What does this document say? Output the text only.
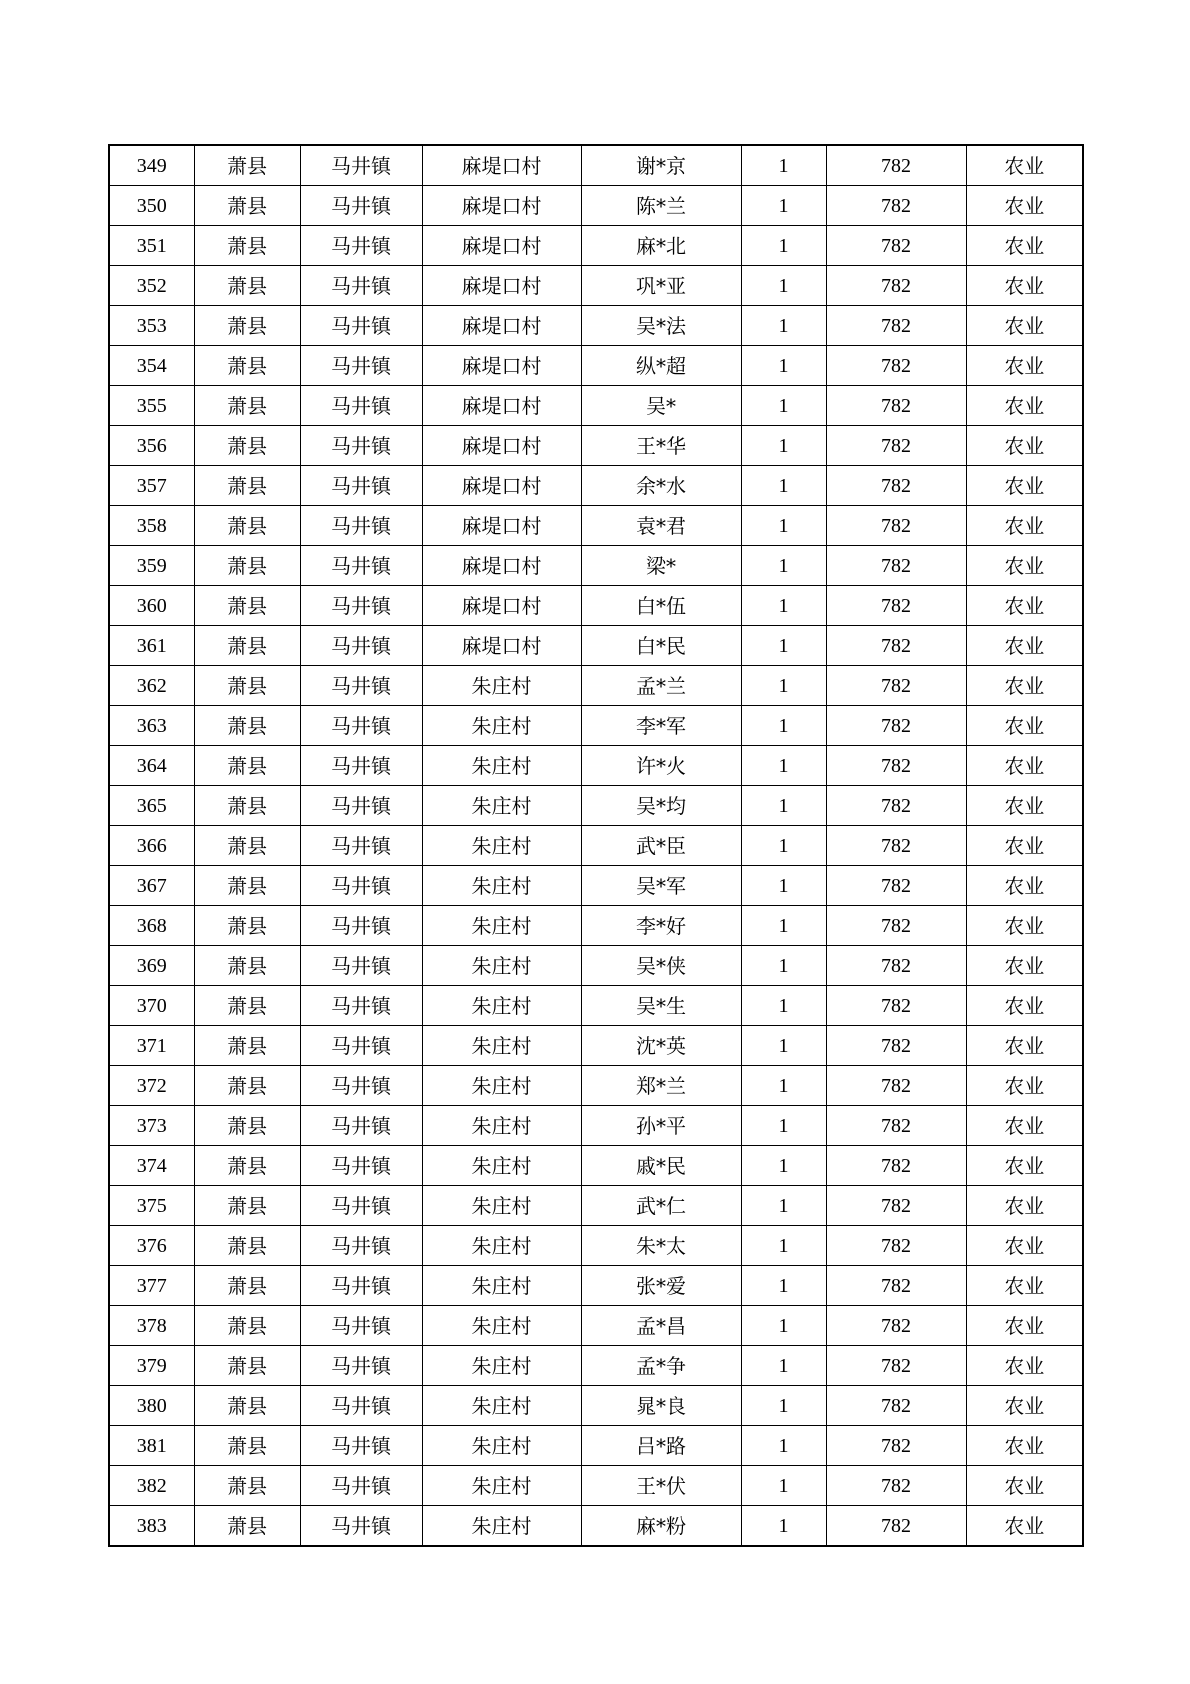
349	萧县	马井镇	麻堤口村	谢*京	1	782	农业
350	萧县	马井镇	麻堤口村	陈*兰	1	782	农业
351	萧县	马井镇	麻堤口村	麻*北	1	782	农业
352	萧县	马井镇	麻堤口村	巩*亚	1	782	农业
353	萧县	马井镇	麻堤口村	吴*法	1	782	农业
354	萧县	马井镇	麻堤口村	纵*超	1	782	农业
355	萧县	马井镇	麻堤口村	吴*	1	782	农业
356	萧县	马井镇	麻堤口村	王*华	1	782	农业
357	萧县	马井镇	麻堤口村	余*水	1	782	农业
358	萧县	马井镇	麻堤口村	袁*君	1	782	农业
359	萧县	马井镇	麻堤口村	梁*	1	782	农业
360	萧县	马井镇	麻堤口村	白*伍	1	782	农业
361	萧县	马井镇	麻堤口村	白*民	1	782	农业
362	萧县	马井镇	朱庄村	孟*兰	1	782	农业
363	萧县	马井镇	朱庄村	李*军	1	782	农业
364	萧县	马井镇	朱庄村	许*火	1	782	农业
365	萧县	马井镇	朱庄村	吴*均	1	782	农业
366	萧县	马井镇	朱庄村	武*臣	1	782	农业
367	萧县	马井镇	朱庄村	吴*军	1	782	农业
368	萧县	马井镇	朱庄村	李*好	1	782	农业
369	萧县	马井镇	朱庄村	吴*侠	1	782	农业
370	萧县	马井镇	朱庄村	吴*生	1	782	农业
371	萧县	马井镇	朱庄村	沈*英	1	782	农业
372	萧县	马井镇	朱庄村	郑*兰	1	782	农业
373	萧县	马井镇	朱庄村	孙*平	1	782	农业
374	萧县	马井镇	朱庄村	戚*民	1	782	农业
375	萧县	马井镇	朱庄村	武*仁	1	782	农业
376	萧县	马井镇	朱庄村	朱*太	1	782	农业
377	萧县	马井镇	朱庄村	张*爱	1	782	农业
378	萧县	马井镇	朱庄村	孟*昌	1	782	农业
379	萧县	马井镇	朱庄村	孟*争	1	782	农业
380	萧县	马井镇	朱庄村	晁*良	1	782	农业
381	萧县	马井镇	朱庄村	吕*路	1	782	农业
382	萧县	马井镇	朱庄村	王*伏	1	782	农业
383	萧县	马井镇	朱庄村	麻*粉	1	782	农业
